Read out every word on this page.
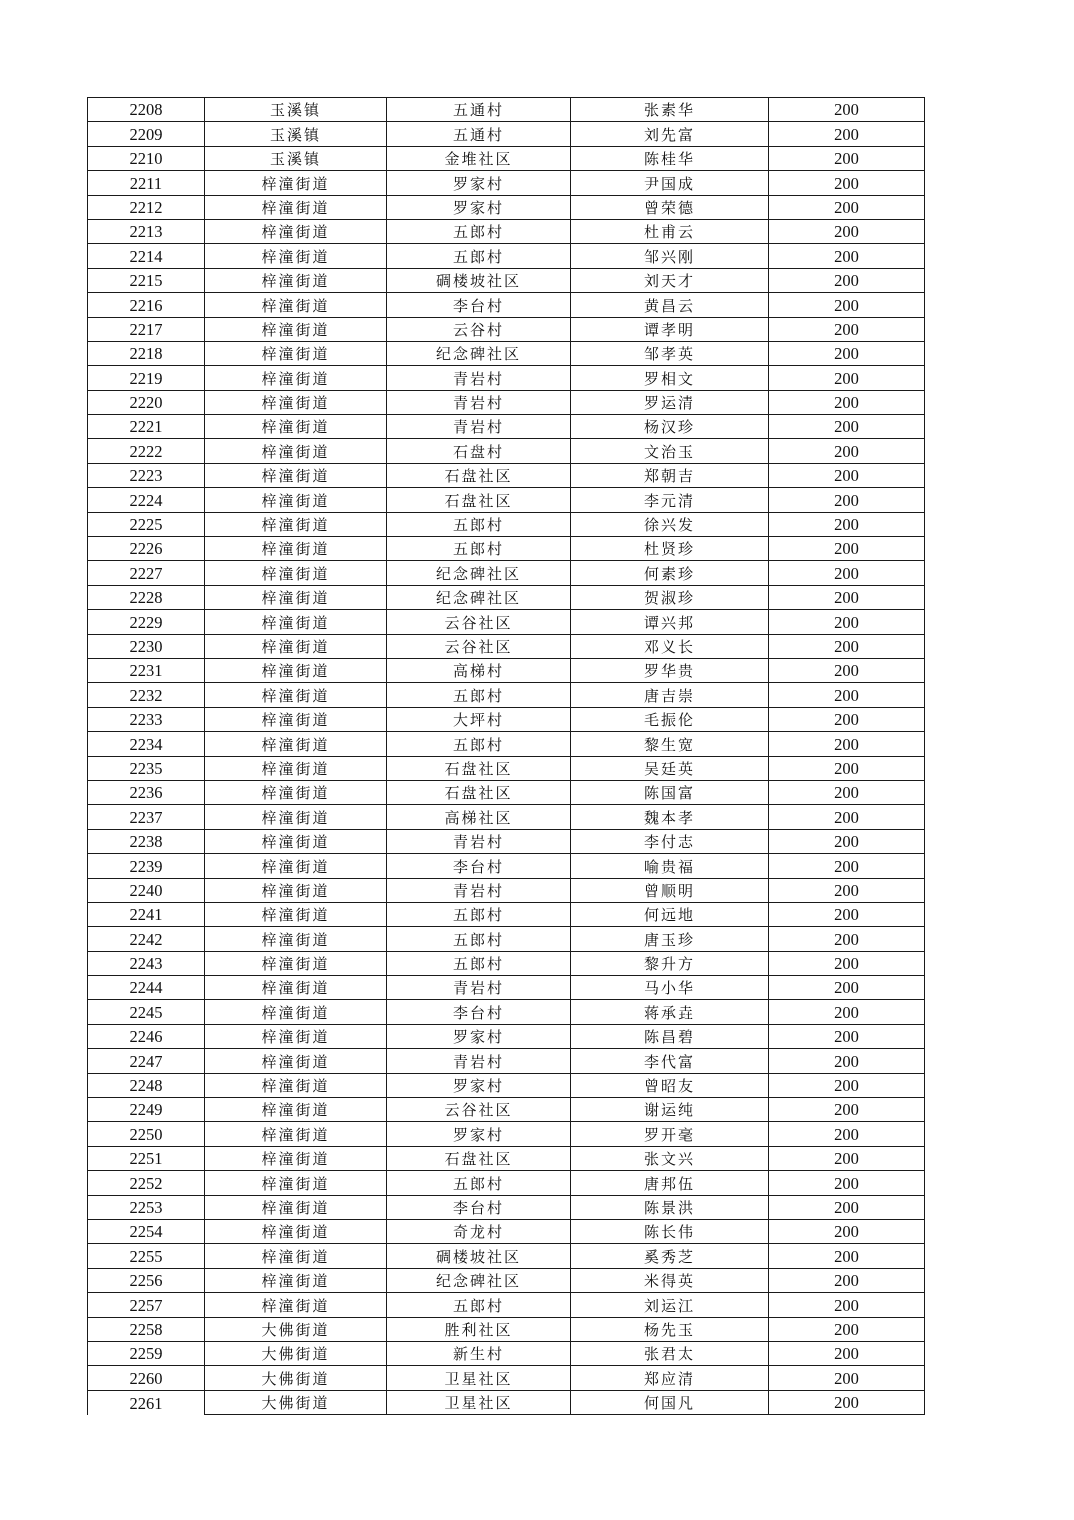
2208	玉溪镇	五通村	张素华	200
2209	玉溪镇	五通村	刘先富	200
2210	玉溪镇	金堆社区	陈桂华	200
2211	梓潼街道	罗家村	尹国成	200
2212	梓潼街道	罗家村	曾荣德	200
2213	梓潼街道	五郎村	杜甫云	200
2214	梓潼街道	五郎村	邹兴刚	200
2215	梓潼街道	碉楼坡社区	刘天才	200
2216	梓潼街道	李台村	黄昌云	200
2217	梓潼街道	云谷村	谭孝明	200
2218	梓潼街道	纪念碑社区	邹孝英	200
2219	梓潼街道	青岩村	罗相文	200
2220	梓潼街道	青岩村	罗运清	200
2221	梓潼街道	青岩村	杨汉珍	200
2222	梓潼街道	石盘村	文治玉	200
2223	梓潼街道	石盘社区	郑朝吉	200
2224	梓潼街道	石盘社区	李元清	200
2225	梓潼街道	五郎村	徐兴发	200
2226	梓潼街道	五郎村	杜贤珍	200
2227	梓潼街道	纪念碑社区	何素珍	200
2228	梓潼街道	纪念碑社区	贺淑珍	200
2229	梓潼街道	云谷社区	谭兴邦	200
2230	梓潼街道	云谷社区	邓义长	200
2231	梓潼街道	高梯村	罗华贵	200
2232	梓潼街道	五郎村	唐吉崇	200
2233	梓潼街道	大坪村	毛振伦	200
2234	梓潼街道	五郎村	黎生宽	200
2235	梓潼街道	石盘社区	吴廷英	200
2236	梓潼街道	石盘社区	陈国富	200
2237	梓潼街道	高梯社区	魏本孝	200
2238	梓潼街道	青岩村	李付志	200
2239	梓潼街道	李台村	喻贵福	200
2240	梓潼街道	青岩村	曾顺明	200
2241	梓潼街道	五郎村	何远地	200
2242	梓潼街道	五郎村	唐玉珍	200
2243	梓潼街道	五郎村	黎升方	200
2244	梓潼街道	青岩村	马小华	200
2245	梓潼街道	李台村	蒋承垚	200
2246	梓潼街道	罗家村	陈昌碧	200
2247	梓潼街道	青岩村	李代富	200
2248	梓潼街道	罗家村	曾昭友	200
2249	梓潼街道	云谷社区	谢运纯	200
2250	梓潼街道	罗家村	罗开毫	200
2251	梓潼街道	石盘社区	张文兴	200
2252	梓潼街道	五郎村	唐邦伍	200
2253	梓潼街道	李台村	陈景洪	200
2254	梓潼街道	奇龙村	陈长伟	200
2255	梓潼街道	碉楼坡社区	奚秀芝	200
2256	梓潼街道	纪念碑社区	米得英	200
2257	梓潼街道	五郎村	刘运江	200
2258	大佛街道	胜利社区	杨先玉	200
2259	大佛街道	新生村	张君太	200
2260	大佛街道	卫星社区	郑应清	200
2261	大佛街道	卫星社区	何国凡	200
